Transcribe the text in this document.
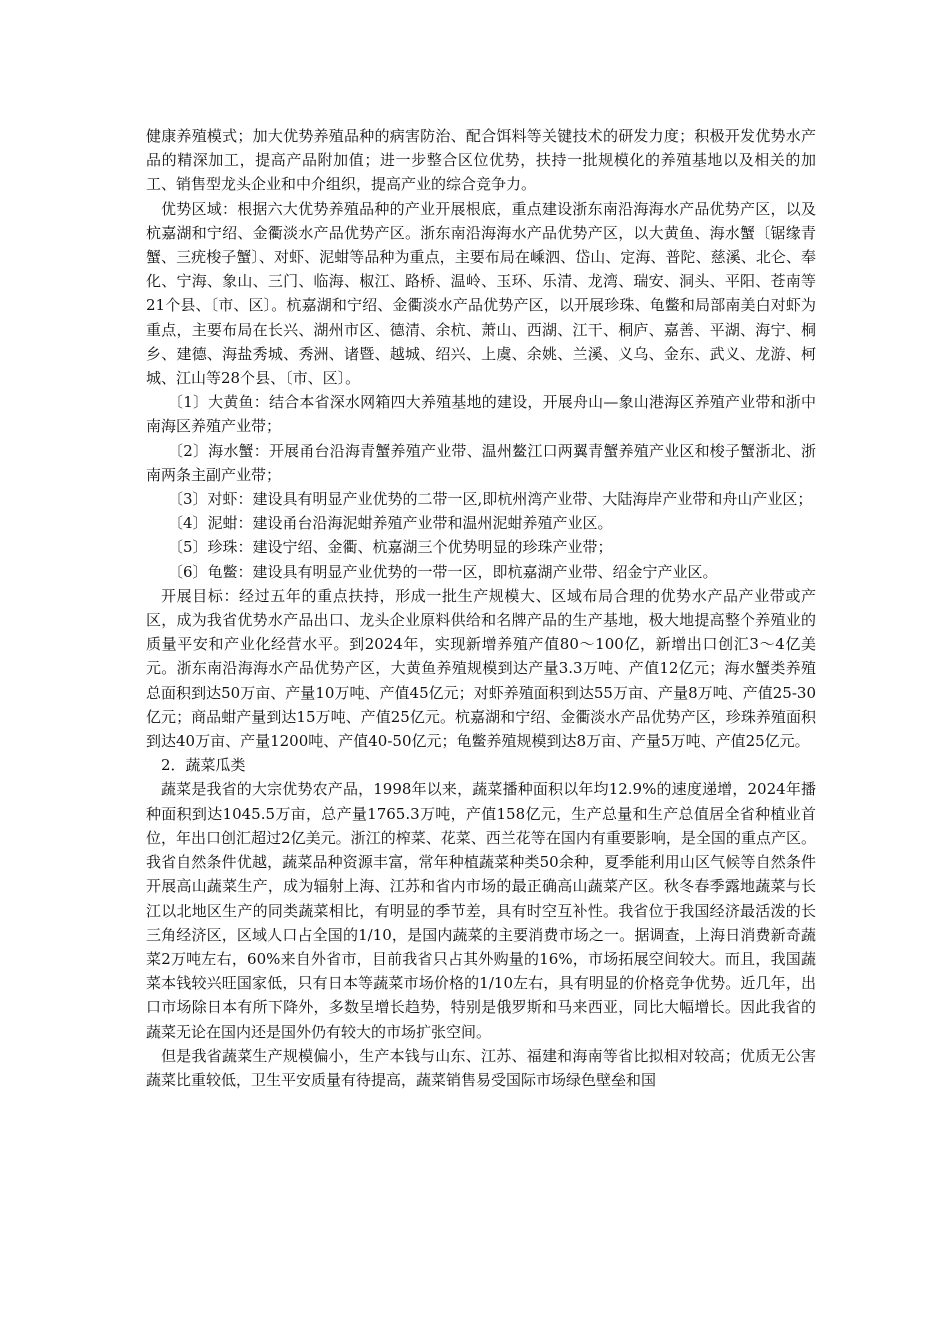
健康养殖模式；加大优势养殖品种的病害防治、配合饵料等关键技术的研发力度；积极开发优势水产品的精深加工，提高产品附加值；进一步整合区位优势，扶持一批规模化的养殖基地以及相关的加工、销售型龙头企业和中介组织，提高产业的综合竞争力。

优势区域：根据六大优势养殖品种的产业开展根底，重点建设浙东南沿海海水产品优势产区，以及杭嘉湖和宁绍、金衢淡水产品优势产区。浙东南沿海海水产品优势产区，以大黄鱼、海水蟹〔锯缘青蟹、三疣梭子蟹〕、对虾、泥蚶等品种为重点，主要布局在嵊泗、岱山、定海、普陀、慈溪、北仑、奉化、宁海、象山、三门、临海、椒江、路桥、温岭、玉环、乐清、龙湾、瑞安、洞头、平阳、苍南等21个县、〔市、区〕。杭嘉湖和宁绍、金衢淡水产品优势产区，以开展珍珠、龟鳖和局部南美白对虾为重点，主要布局在长兴、湖州市区、德清、余杭、萧山、西湖、江干、桐庐、嘉善、平湖、海宁、桐乡、建德、海盐秀城、秀洲、诸暨、越城、绍兴、上虞、余姚、兰溪、义乌、金东、武义、龙游、柯城、江山等28个县、〔市、区〕。

〔1〕大黄鱼：结合本省深水网箱四大养殖基地的建设，开展舟山—象山港海区养殖产业带和浙中南海区养殖产业带；

〔2〕海水蟹：开展甬台沿海青蟹养殖产业带、温州鳌江口两翼青蟹养殖产业区和梭子蟹浙北、浙南两条主副产业带；

〔3〕对虾：建设具有明显产业优势的二带一区,即杭州湾产业带、大陆海岸产业带和舟山产业区；

〔4〕泥蚶：建设甬台沿海泥蚶养殖产业带和温州泥蚶养殖产业区。

〔5〕珍珠：建设宁绍、金衢、杭嘉湖三个优势明显的珍珠产业带；

〔6〕龟鳖：建设具有明显产业优势的一带一区，即杭嘉湖产业带、绍金宁产业区。

开展目标：经过五年的重点扶持，形成一批生产规模大、区域布局合理的优势水产品产业带或产区，成为我省优势水产品出口、龙头企业原料供给和名牌产品的生产基地，极大地提高整个养殖业的质量平安和产业化经营水平。到2024年，实现新增养殖产值80～100亿，新增出口创汇3～4亿美元。浙东南沿海海水产品优势产区，大黄鱼养殖规模到达产量3.3万吨、产值12亿元；海水蟹类养殖总面积到达50万亩、产量10万吨、产值45亿元；对虾养殖面积到达55万亩、产量8万吨、产值25-30亿元；商品蚶产量到达15万吨、产值25亿元。杭嘉湖和宁绍、金衢淡水产品优势产区，珍珠养殖面积到达40万亩、产量1200吨、产值40-50亿元；龟鳖养殖规模到达8万亩、产量5万吨、产值25亿元。

2．蔬菜瓜类

蔬菜是我省的大宗优势农产品，1998年以来，蔬菜播种面积以年均12.9%的速度递增，2024年播种面积到达1045.5万亩，总产量1765.3万吨，产值158亿元，生产总量和生产总值居全省种植业首位，年出口创汇超过2亿美元。浙江的榨菜、花菜、西兰花等在国内有重要影响，是全国的重点产区。我省自然条件优越，蔬菜品种资源丰富，常年种植蔬菜种类50余种，夏季能利用山区气候等自然条件开展高山蔬菜生产，成为辐射上海、江苏和省内市场的最正确高山蔬菜产区。秋冬春季露地蔬菜与长江以北地区生产的同类蔬菜相比，有明显的季节差，具有时空互补性。我省位于我国经济最活泼的长三角经济区，区域人口占全国的1/10，是国内蔬菜的主要消费市场之一。据调查，上海日消费新奇蔬菜2万吨左右，60%来自外省市，目前我省只占其外购量的16%，市场拓展空间较大。而且，我国蔬菜本钱较兴旺国家低，只有日本等蔬菜市场价格的1/10左右，具有明显的价格竞争优势。近几年，出口市场除日本有所下降外，多数呈增长趋势，特别是俄罗斯和马来西亚，同比大幅增长。因此我省的蔬菜无论在国内还是国外仍有较大的市场扩张空间。

但是我省蔬菜生产规模偏小，生产本钱与山东、江苏、福建和海南等省比拟相对较高；优质无公害蔬菜比重较低，卫生平安质量有待提高，蔬菜销售易受国际市场绿色壁垒和国
